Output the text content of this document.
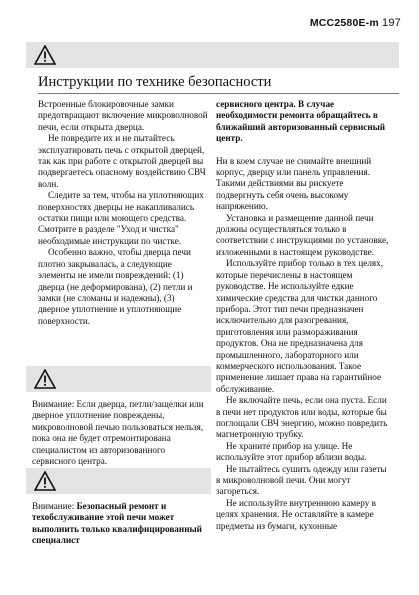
MCC2580E-m 197
Инструкции по технике безопасности

Встроенные блокировочные замки предотвращают включение микроволновой печи, если открыта дверца.

Не повредите их и не пытайтесь эксплуатировать печь с открытой дверцей, так как при работе с открытой дверцей вы подвергаетесь опасному воздействию СВЧ волн.

Следите за тем, чтобы на уплотняющих поверхностях дверцы не накапливались остатки пищи или моющего средства. Смотрите в разделе "Уход и чистка" необходимые инструкции по чистке.

Особенно важно, чтобы дверца печи плотно закрывалась, а следующие элементы не имели повреждений: (1) дверца (не деформирована), (2) петли и замки (не сломаны и надежны), (3) дверное уплотнение и уплотняющие поверхности.

Внимание: Если дверца, петли/защелки или дверное уплотнение повреждены, микроволновой печью пользоваться нельзя, пока она не будет отремонтирована специалистом из авторизованного сервисного центра.

Внимание: Безопасный ремонт и техобслуживание этой печи может выполнить только квалифицированный специалист

сервисного центра. В случае необходимости ремонта обращайтесь в ближайший авторизованный сервисный центр.

Ни в коем случае не снимайте внешний корпус, дверцу или панель управления. Такими действиями вы рискуете подвергнуть себя очень высокому напряжению.

Установка и размещение данной печи должны осуществляться только в соответствии с инструкциями по установке, изложенными в настоящем руководстве.

Используйте прибор только в тех целях, которые перечислены в настоящем руководстве. Не используйте едкие химические средства для чистки данного прибора. Этот тип печи предназначен исключительно для разогревания, приготовления или размораживания продуктов. Она не предназначена для промышленного, лабораторного или коммерческого использования. Такое применение лишает права на гарантийное обслуживание.

Не включайте печь, если она пуста. Если в печи нет продуктов или воды, которые бы поглощали СВЧ энергию, можно повредить магнетронную трубку.

Не храните прибор на улице. Не используйте этот прибор вблизи воды.

Не пытайтесь сушить одежду или газеты в микроволновой печи. Они могут загореться.

Не используйте внутреннюю камеру в целях хранения. Не оставляйте в камере предметы из бумаги, кухонные
